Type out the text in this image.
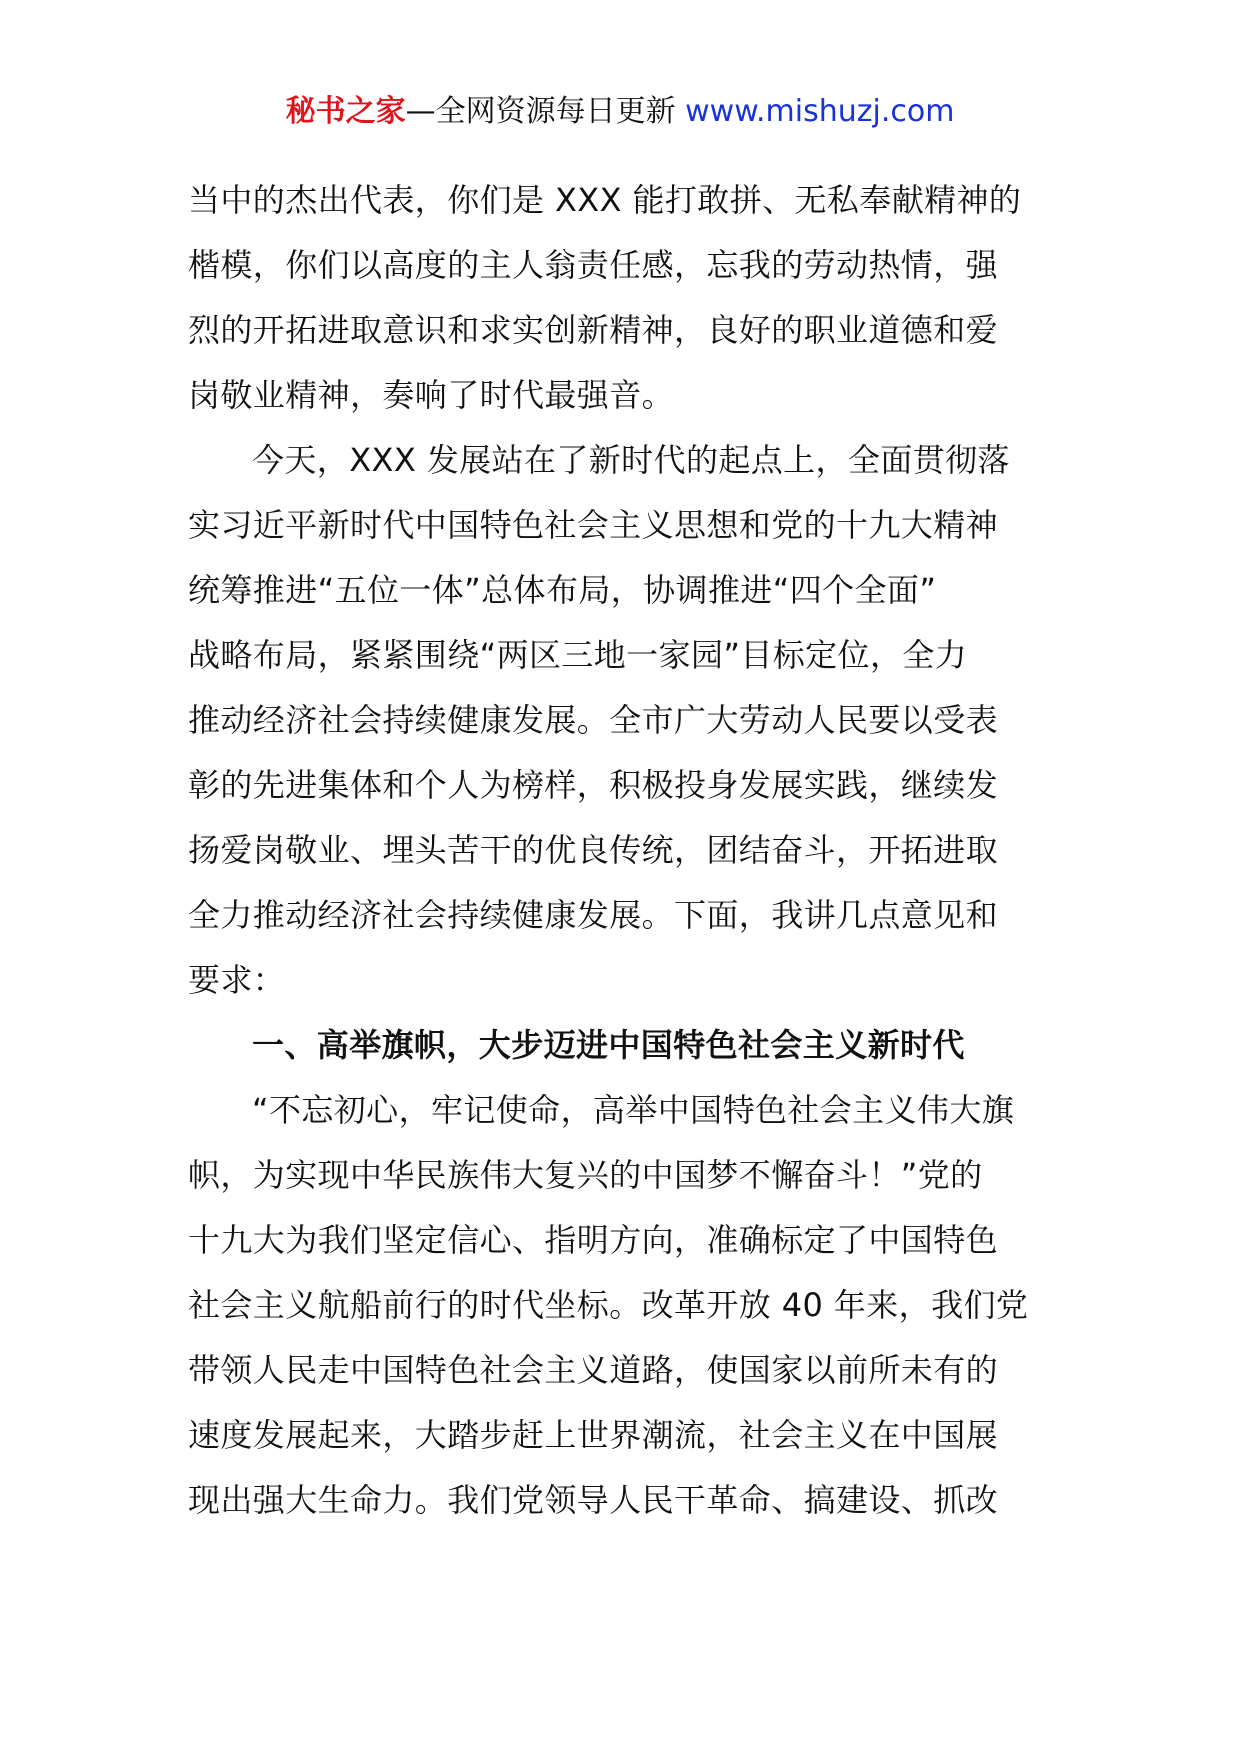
秘书之家—全网资源每日更新 www.mishuzj.com
当中的杰出代表，你们是 XXX 能打敢拼、无私奉献精神的
楷模，你们以高度的主人翁责任感，忘我的劳动热情，强
烈的开拓进取意识和求实创新精神，良好的职业道德和爱
岗敬业精神，奏响了时代最强音。
今天，XXX 发展站在了新时代的起点上，全面贯彻落
实习近平新时代中国特色社会主义思想和党的十九大精神
统筹推进“五位一体”总体布局，协调推进“四个全面”
战略布局，紧紧围绕“两区三地一家园”目标定位，全力
推动经济社会持续健康发展。全市广大劳动人民要以受表
彰的先进集体和个人为榜样，积极投身发展实践，继续发
扬爱岗敬业、埋头苦干的优良传统，团结奋斗，开拓进取
全力推动经济社会持续健康发展。下面，我讲几点意见和
要求：
一、高举旗帜，大步迈进中国特色社会主义新时代
“不忘初心，牢记使命，高举中国特色社会主义伟大旗
帜，为实现中华民族伟大复兴的中国梦不懈奋斗！”党的
十九大为我们坚定信心、指明方向，准确标定了中国特色
社会主义航船前行的时代坐标。改革开放 40 年来，我们党
带领人民走中国特色社会主义道路，使国家以前所未有的
速度发展起来，大踏步赶上世界潮流，社会主义在中国展
现出强大生命力。我们党领导人民干革命、搞建设、抓改
